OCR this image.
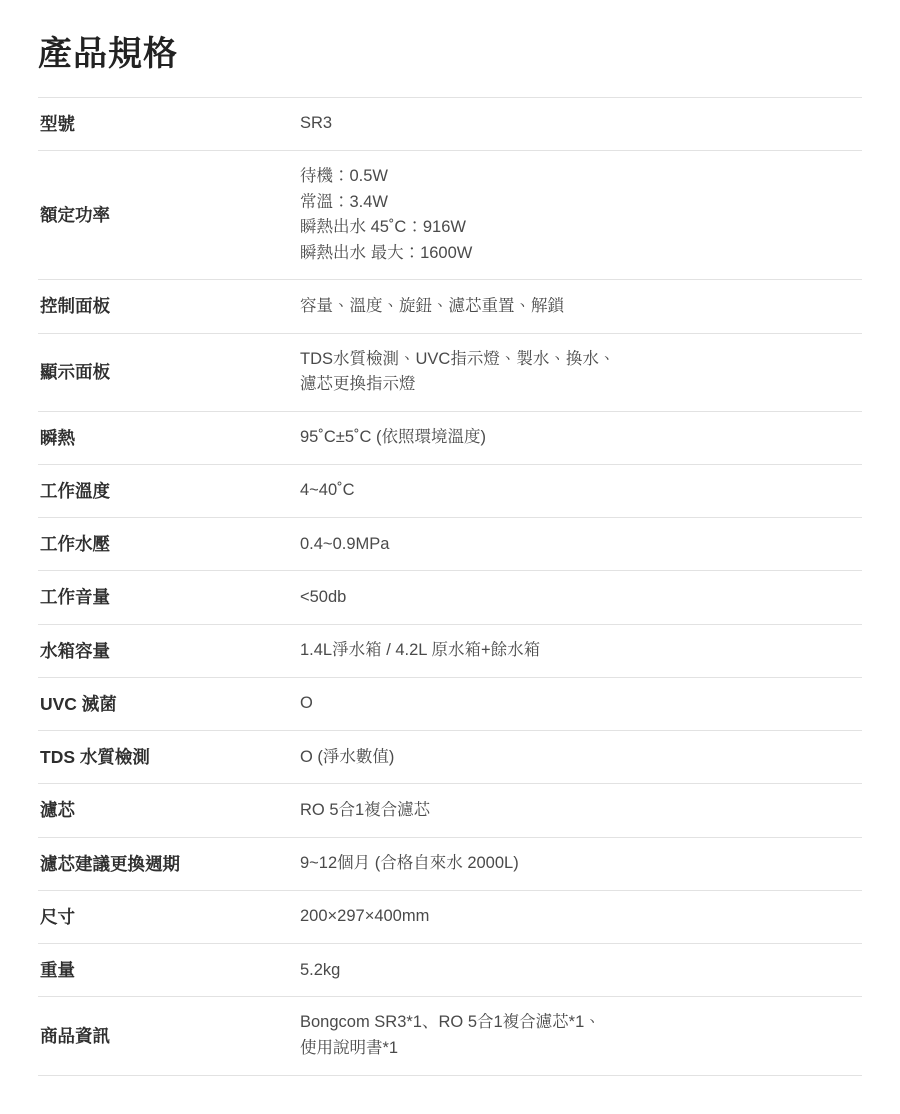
產品規格
型號	SR3

額定功率	待機：0.5W
常溫：3.4W
瞬熱出水 45˚C：916W
瞬熱出水 最大：1600W

控制面板	容量、溫度、旋鈕、濾芯重置、解鎖

顯示面板	TDS水質檢測、UVC指示燈、製水、換水、
濾芯更換指示燈

瞬熱	95˚C±5˚C (依照環境溫度)

工作溫度	4~40˚C

工作水壓	0.4~0.9MPa

工作音量	<50db

水箱容量	1.4L淨水箱 / 4.2L 原水箱+餘水箱

UVC 滅菌	O

TDS 水質檢測	O (淨水數值)

濾芯	RO 5合1複合濾芯

濾芯建議更換週期	9~12個月 (合格自來水 2000L)

尺寸	200×297×400mm

重量	5.2kg

商品資訊	Bongcom SR3*1、RO 5合1複合濾芯*1、
使用說明書*1
